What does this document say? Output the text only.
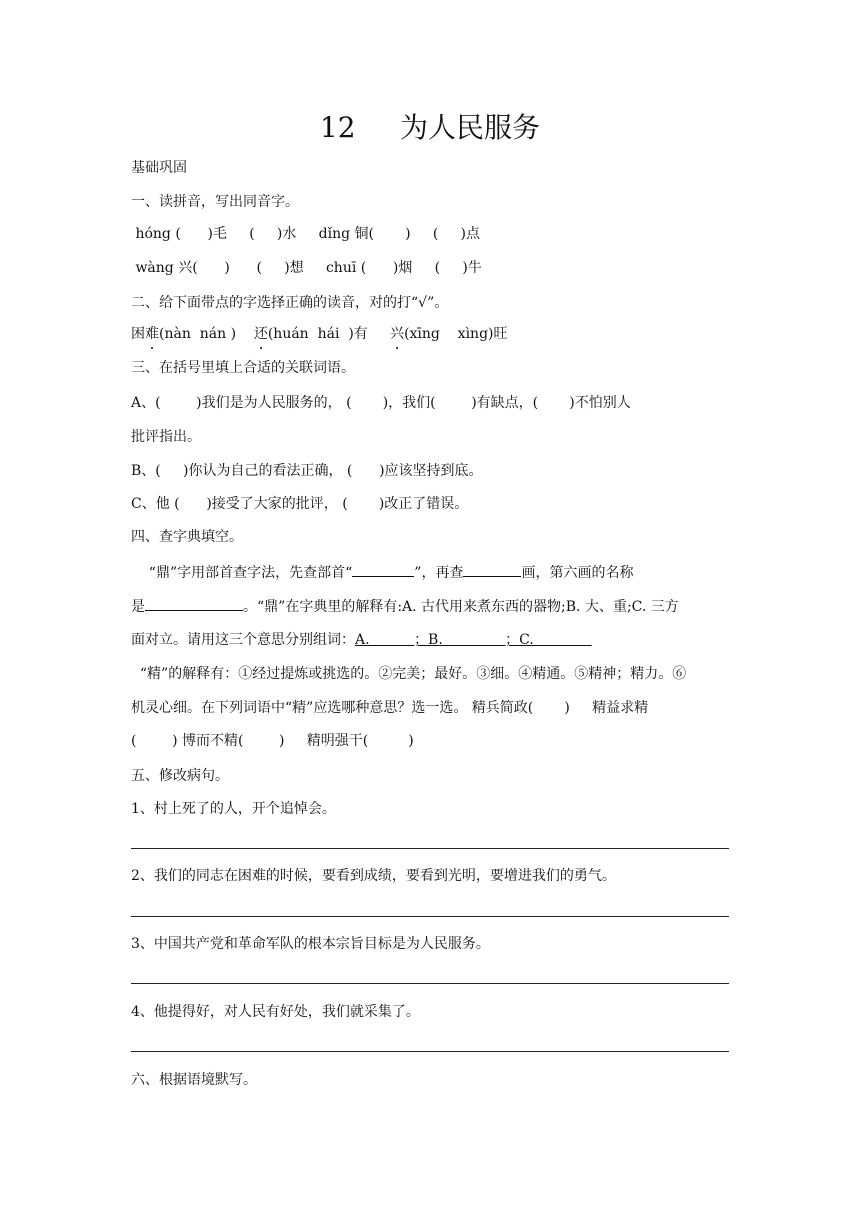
12     为人民服务
基础巩固
一、读拼音，写出同音字。
hóng (      )毛     (     )水     dǐng 铜(       )     (     )点
wàng 兴(      )      (     )想     chuī (      )烟     (     )牛
二、给下面带点的字选择正确的读音，对的打“√”。
困难(nàn  nán )    还(huán  hái  )有     兴(xīng    xìng)旺
三、在括号里填上合适的关联词语。
A、(        )我们是为人民服务的， (       )，我们(        )有缺点，(       )不怕别人
批评指出。
B、(     )你认为自己的看法正确， (      )应该坚持到底。
C、他 (      )接受了大家的批评， (       )改正了错误。
四、查字典填空。
“鼎”字用部首查字法，先查部首“	”，再查	画，第六画的名称
是	。“鼎”在字典里的解释有:A. 古代用来煮东西的器物;B. 大、重;C. 三方
面对立。请用这三个意思分别组词：A.          ；B.              ；C.
“精”的解释有：①经过提炼或挑选的。②完美；最好。③细。④精通。⑤精神；精力。⑥
机灵心细。在下列词语中“精”应选哪种意思？选一选。 精兵简政(       )     精益求精
(        ) 博而不精(        )     精明强干(         )
五、修改病句。
1、村上死了的人，开个追悼会。
2、我们的同志在困难的时候，要看到成绩，要看到光明，要增进我们的勇气。
3、中国共产党和革命军队的根本宗旨目标是为人民服务。
4、他提得好，对人民有好处，我们就采集了。
六、根据语境默写。
